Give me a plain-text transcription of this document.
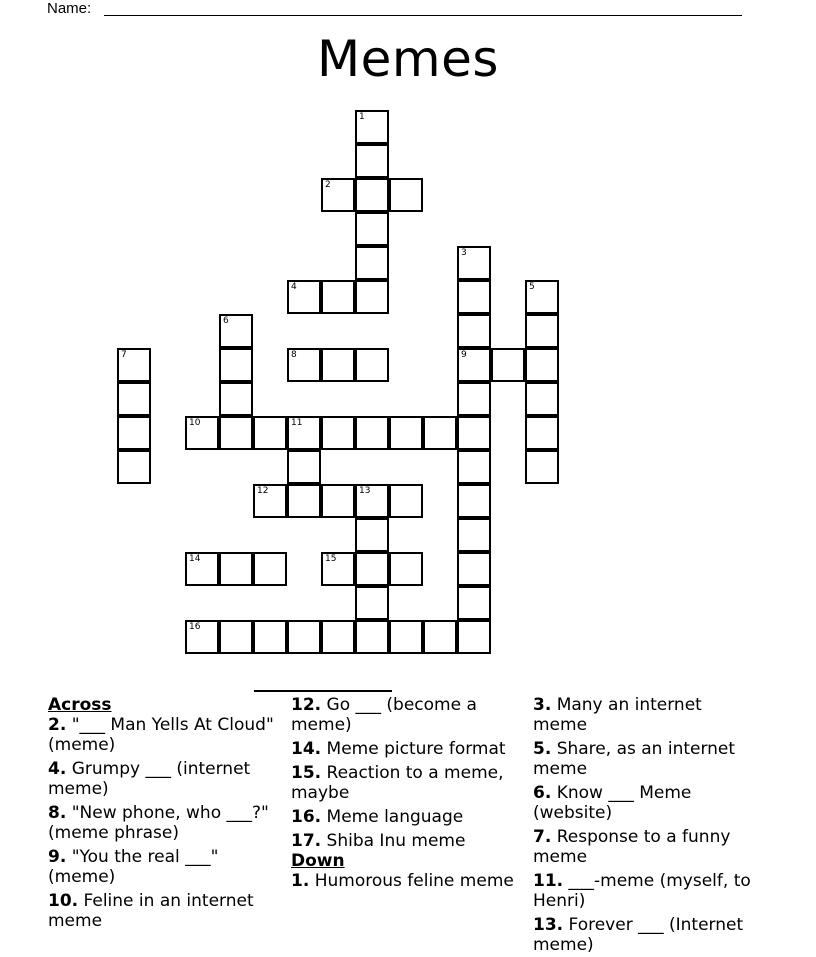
Name:
Memes
1
2
3
4	5
6
7	8	9
10	11
12	13
14	15
16
Across
2. "___ Man Yells At Cloud" (meme)
4. Grumpy ___ (internet meme)
8. "New phone, who ___?" (meme phrase)
9. "You the real ___" (meme)
10. Feline in an internet meme
12. Go ___ (become a meme)
14. Meme picture format
15. Reaction to a meme, maybe
16. Meme language
17. Shiba Inu meme
Down
1. Humorous feline meme
3. Many an internet meme
5. Share, as an internet meme
6. Know ___ Meme (website)
7. Response to a funny meme
11. ___-meme (myself, to Henri)
13. Forever ___ (Internet meme)
